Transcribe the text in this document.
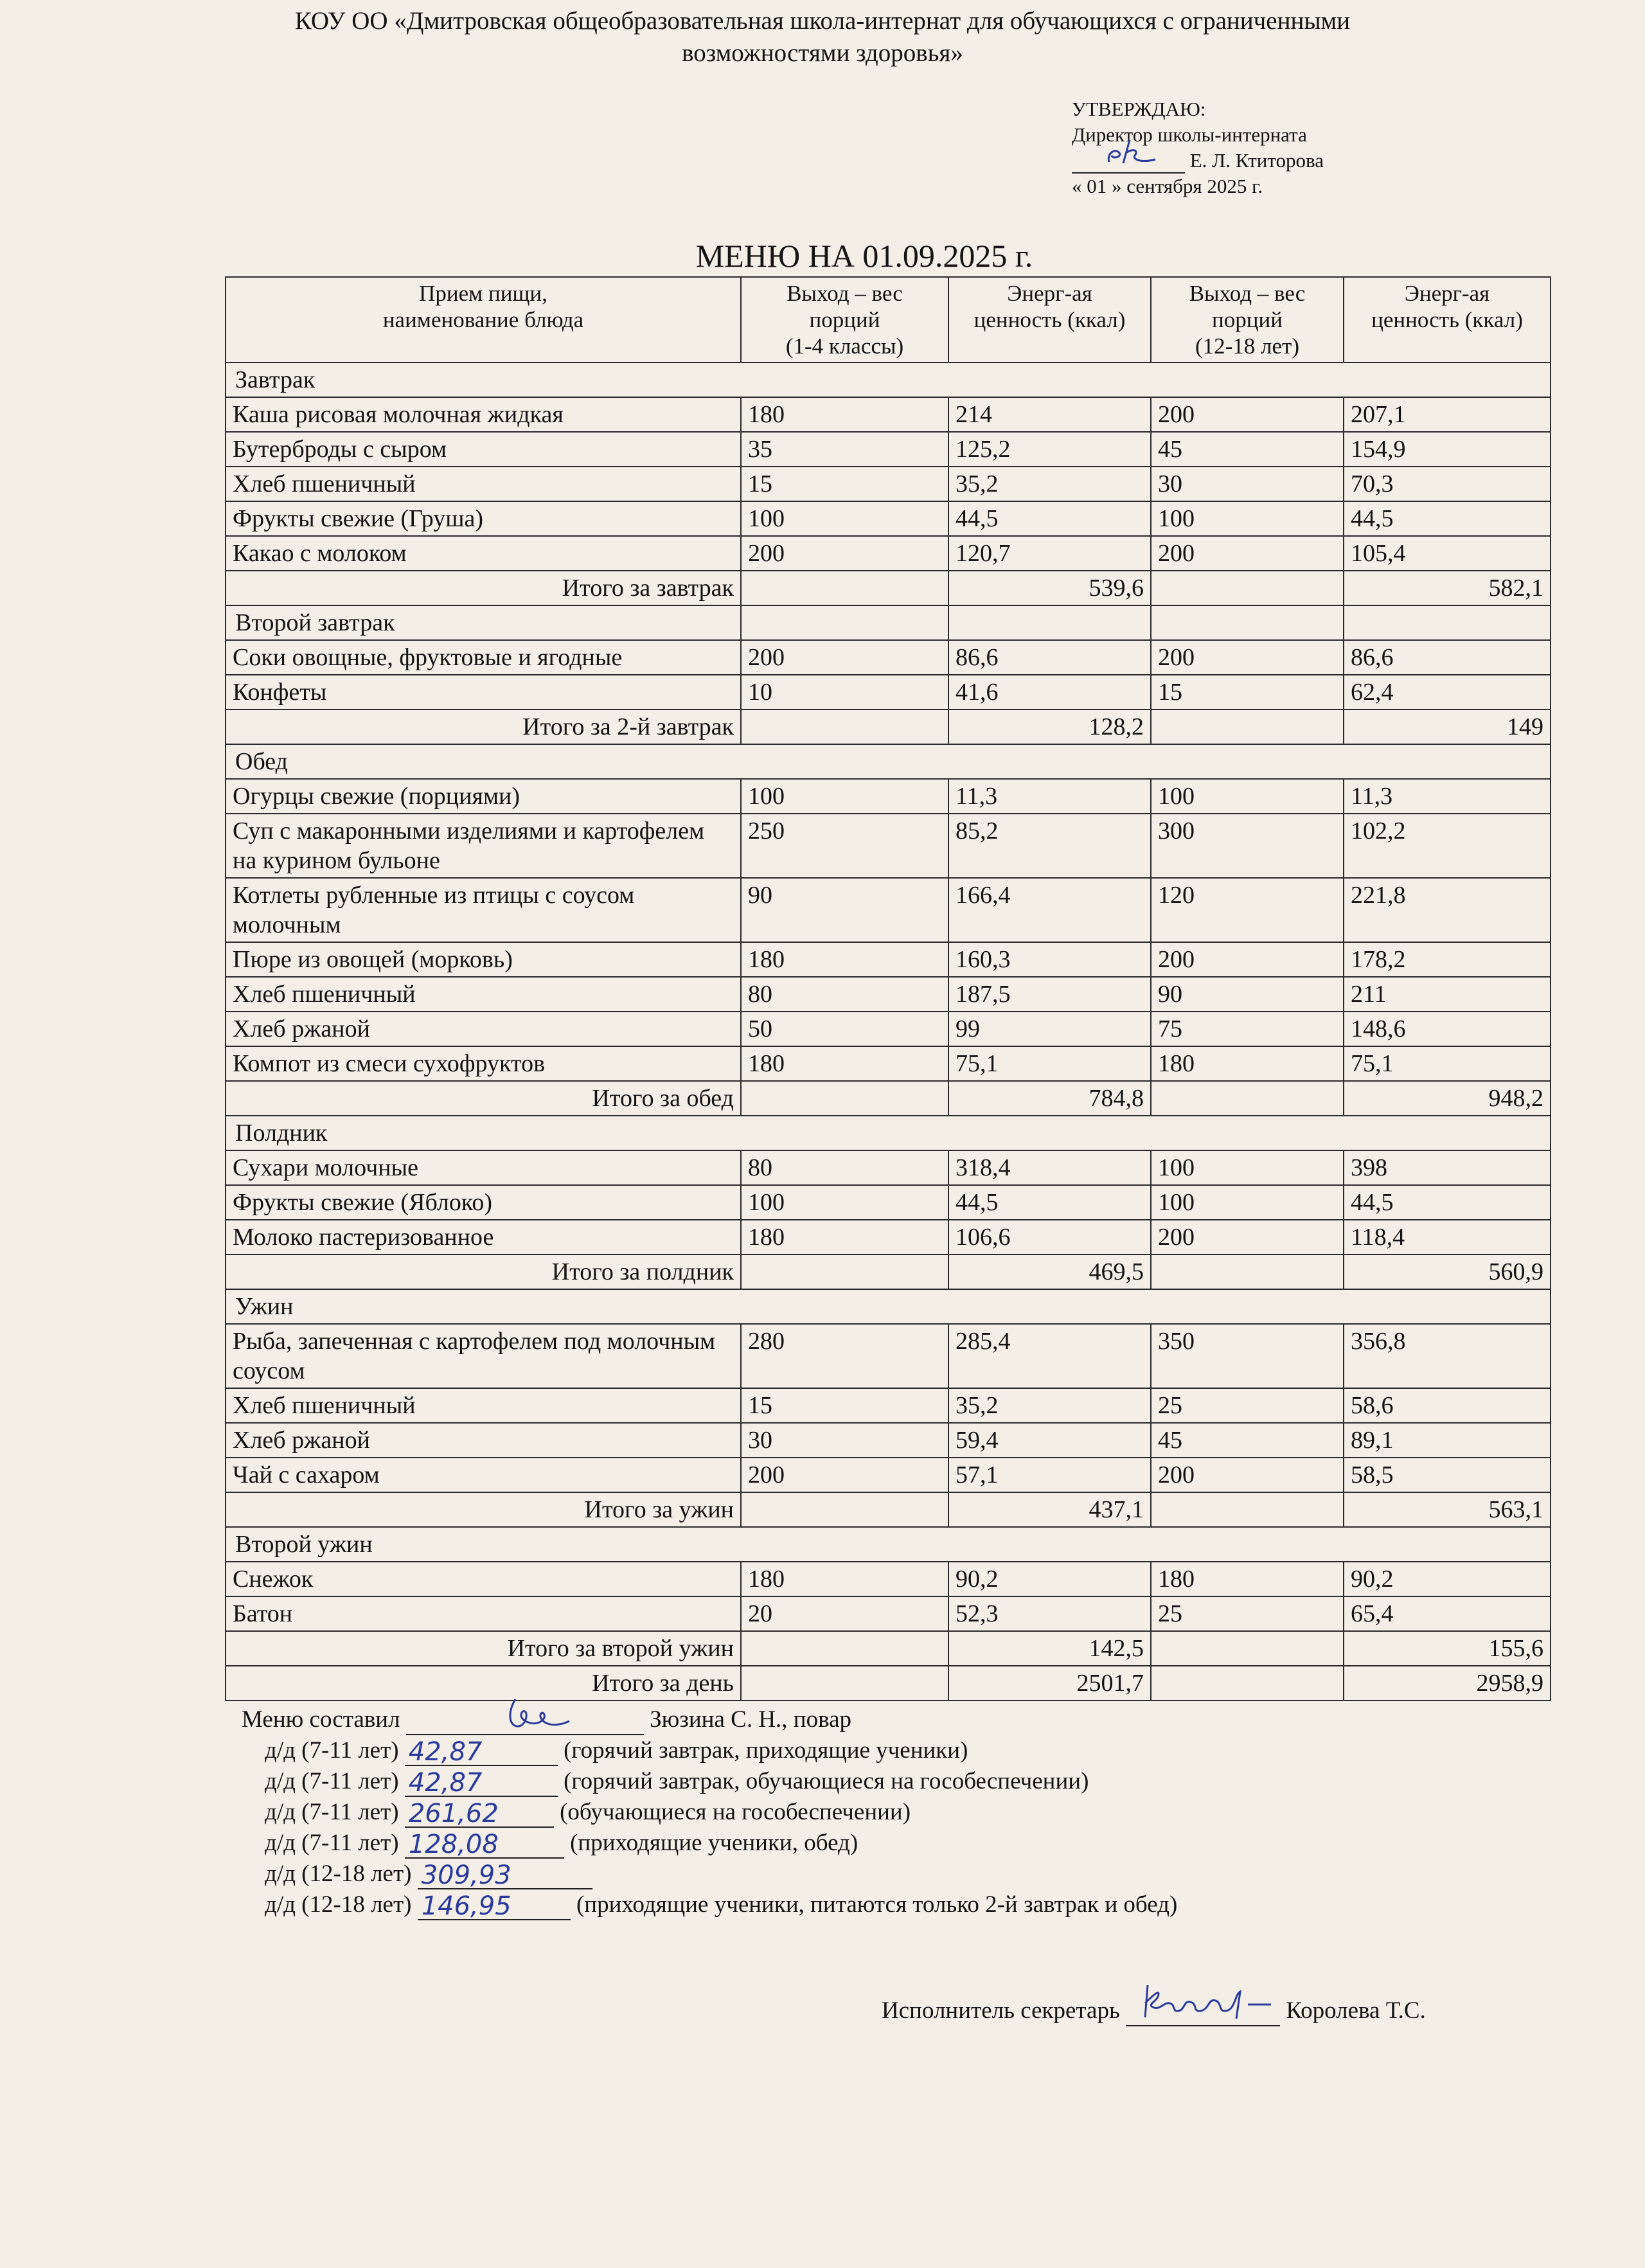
КОУ ОО «Дмитровская общеобразовательная школа-интернат для обучающихся с ограниченными
возможностями здоровья»
УТВЕРЖДАЮ:
Директор школы-интерната
Е. Л. Ктиторова
« 01 » сентября 2025 г.
МЕНЮ НА 01.09.2025 г.
Прием пищи,
наименование блюда	Выход – вес
порций
(1-4 классы)	Энерг-ая
ценность (ккал)	Выход – вес
порций
(12-18 лет)	Энерг-ая
ценность (ккал)
Завтрак				
Каша рисовая молочная жидкая	180	214	200	207,1
Бутерброды с сыром	35	125,2	45	154,9
Хлеб пшеничный	15	35,2	30	70,3
Фрукты свежие (Груша)	100	44,5	100	44,5
Какао с молоком	200	120,7	200	105,4
Итого за завтрак		539,6		582,1
Второй завтрак				
Соки овощные, фруктовые и ягодные	200	86,6	200	86,6
Конфеты	10	41,6	15	62,4
Итого за 2-й завтрак		128,2		149
Обед				
Огурцы свежие (порциями)	100	11,3	100	11,3
Суп с макаронными изделиями и картофелем на курином бульоне	250	85,2	300	102,2
Котлеты рубленные из птицы с соусом молочным	90	166,4	120	221,8
Пюре из овощей (морковь)	180	160,3	200	178,2
Хлеб пшеничный	80	187,5	90	211
Хлеб ржаной	50	99	75	148,6
Компот из смеси сухофруктов	180	75,1	180	75,1
Итого за обед		784,8		948,2
Полдник				
Сухари молочные	80	318,4	100	398
Фрукты свежие (Яблоко)	100	44,5	100	44,5
Молоко пастеризованное	180	106,6	200	118,4
Итого за полдник		469,5		560,9
Ужин				
Рыба, запеченная с картофелем под молочным соусом	280	285,4	350	356,8
Хлеб пшеничный	15	35,2	25	58,6
Хлеб ржаной	30	59,4	45	89,1
Чай с сахаром	200	57,1	200	58,5
Итого за ужин		437,1		563,1
Второй ужин				
Снежок	180	90,2	180	90,2
Батон	20	52,3	25	65,4
Итого за второй ужин		142,5		155,6
Итого за день		2501,7		2958,9
Меню составил	Зюзина С. Н., повар
д/д (7-11 лет) 42,87	(горячий завтрак, приходящие ученики)
д/д (7-11 лет) 42,87	(горячий завтрак, обучающиеся на гособеспечении)
д/д (7-11 лет) 261,62	(обучающиеся на гособеспечении)
д/д (7-11 лет) 128,08	(приходящие ученики, обед)
д/д (12-18 лет) 309,93
д/д (12-18 лет) 146,95	(приходящие ученики, питаются только 2-й завтрак и обед)
Исполнитель секретарь	Королева Т.С.
